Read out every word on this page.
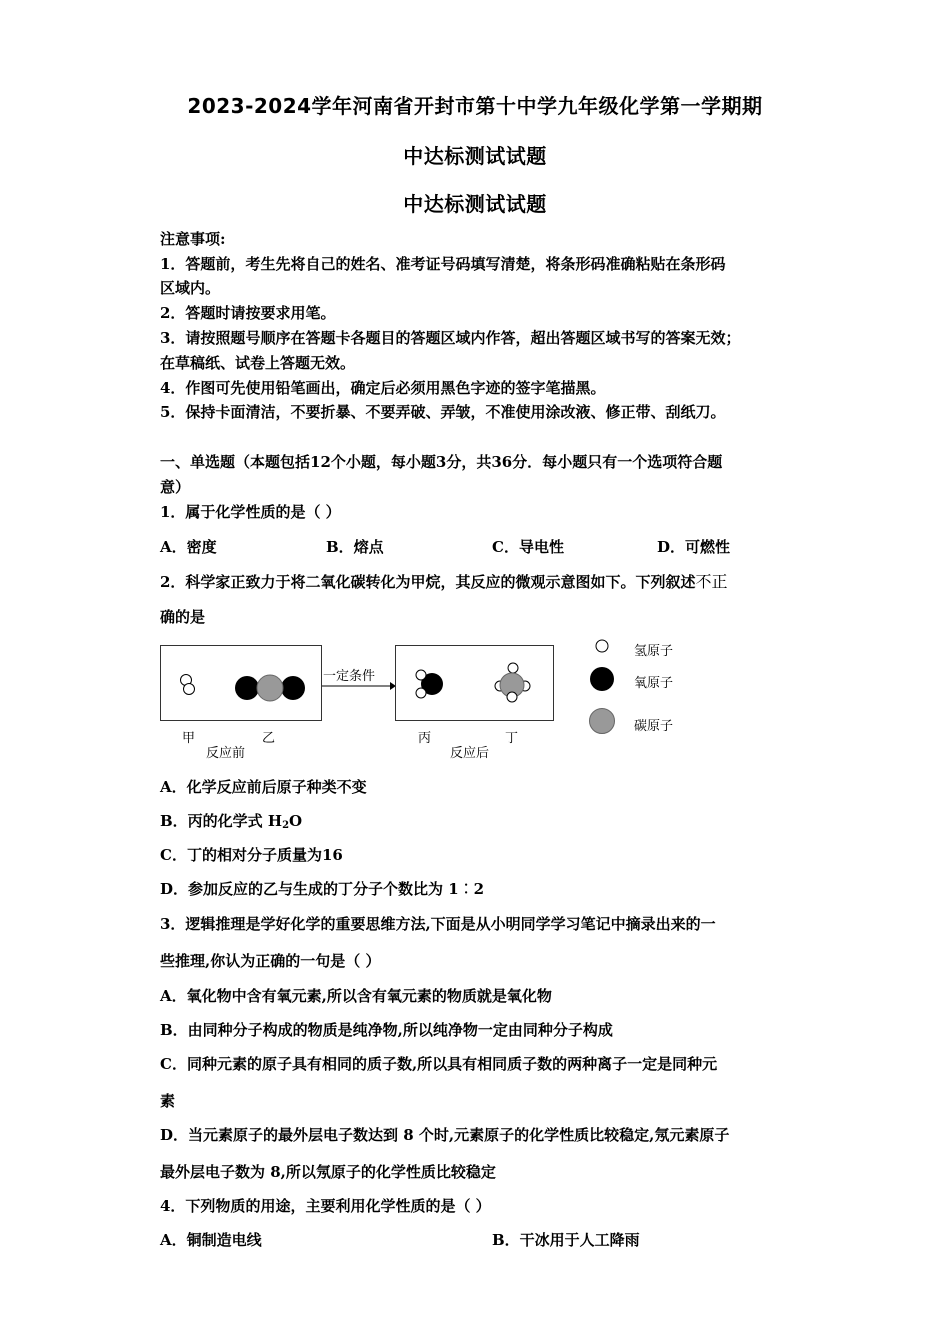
2023-2024学年河南省开封市第十中学九年级化学第一学期期
中达标测试试题
中达标测试试题
注意事项:
1．答题前，考生先将自己的姓名、准考证号码填写清楚，将条形码准确粘贴在条形码
区域内。
2．答题时请按要求用笔。
3．请按照题号顺序在答题卡各题目的答题区域内作答，超出答题区域书写的答案无效；
在草稿纸、试卷上答题无效。
4．作图可先使用铅笔画出，确定后必须用黑色字迹的签字笔描黑。
5．保持卡面清洁，不要折暴、不要弄破、弄皱，不准使用涂改液、修正带、刮纸刀。
一、单选题（本题包括12个小题，每小题3分，共36分．每小题只有一个选项符合题
意）
1．属于化学性质的是（ ）
A．密度	B．熔点	C．导电性	D．可燃性
2．科学家正致力于将二氧化碳转化为甲烷，其反应的微观示意图如下。下列叙述不正
确的是
一定条件
甲	乙
反应前
丙	丁
反应后
氢原子
氧原子
碳原子
A．化学反应前后原子种类不变
B．丙的化学式 $H_2O$
C．丁的相对分子质量为16
D．参加反应的乙与生成的丁分子个数比为 1︰2
3．逻辑推理是学好化学的重要思维方法,下面是从小明同学学习笔记中摘录出来的一
些推理,你认为正确的一句是（ ）
A．氧化物中含有氧元素,所以含有氧元素的物质就是氧化物
B．由同种分子构成的物质是纯净物,所以纯净物一定由同种分子构成
C．同种元素的原子具有相同的质子数,所以具有相同质子数的两种离子一定是同种元
素
D．当元素原子的最外层电子数达到 8 个时,元素原子的化学性质比较稳定,氖元素原子
最外层电子数为 8,所以氖原子的化学性质比较稳定
4．下列物质的用途，主要利用化学性质的是（ ）
A．铜制造电线	B．干冰用于人工降雨
